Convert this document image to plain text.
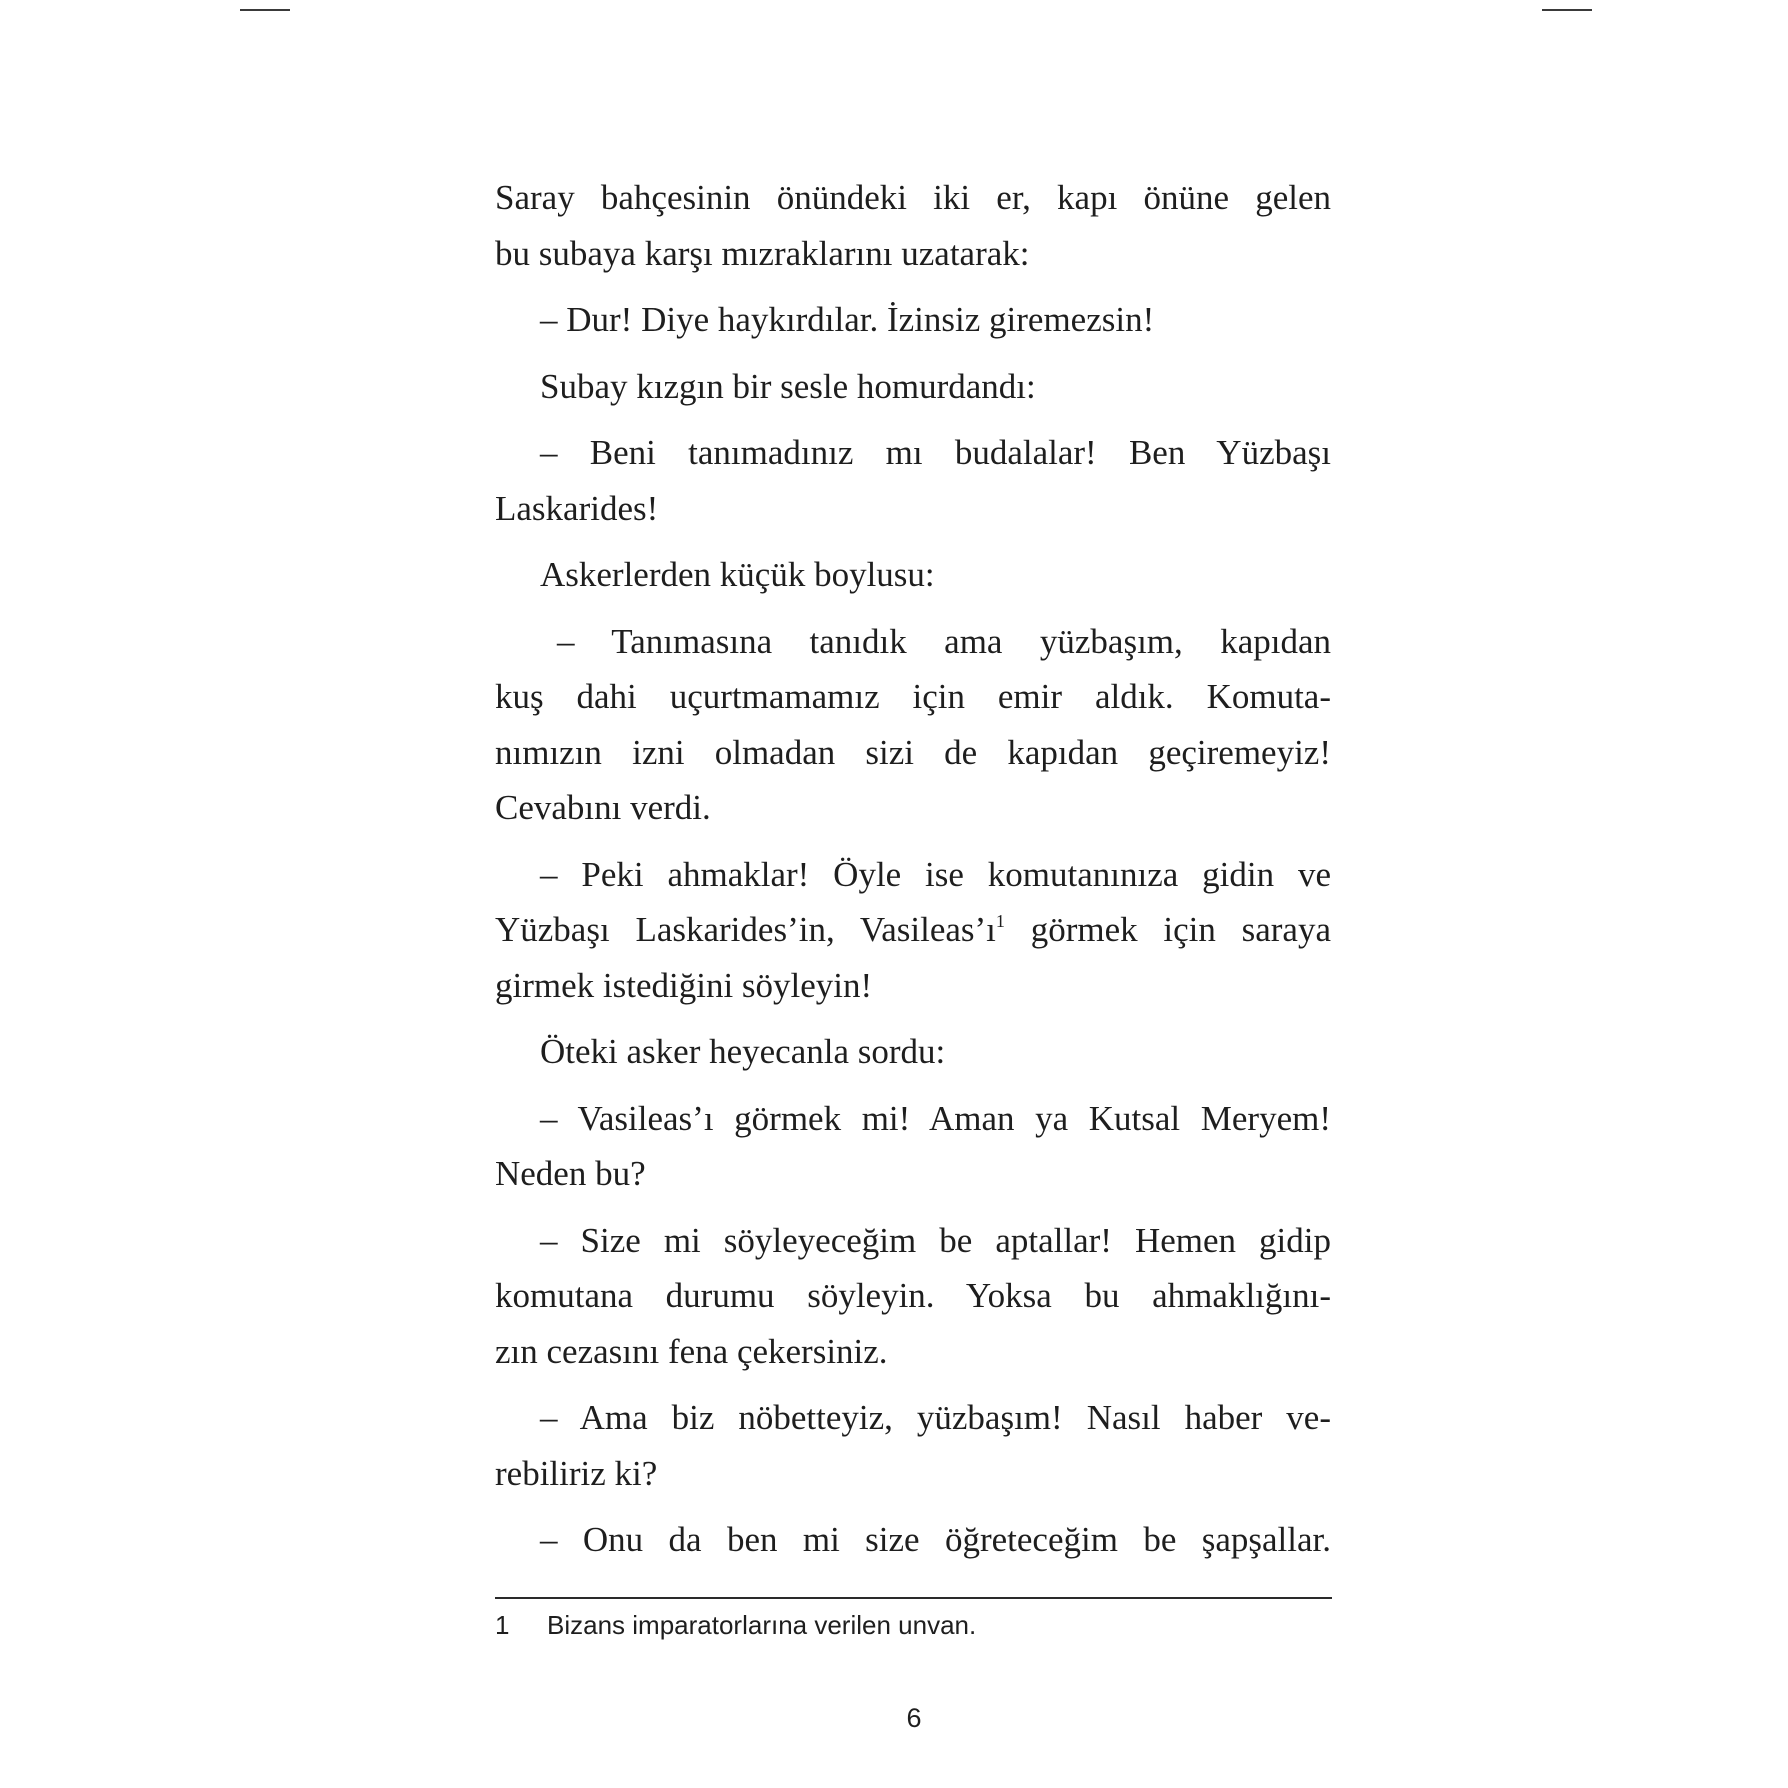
Saray bahçesinin önündeki iki er, kapı önüne gelen
bu subaya karşı mızraklarını uzatarak:

– Dur! Diye haykırdılar. İzinsiz giremezsin!

Subay kızgın bir sesle homurdandı:

– Beni tanımadınız mı budalalar! Ben Yüzbaşı
Laskarides!

Askerlerden küçük boylusu:

– Tanımasına tanıdık ama yüzbaşım, kapıdan
kuş dahi uçurtmamamız için emir aldık. Komuta-
nımızın izni olmadan sizi de kapıdan geçiremeyiz!
Cevabını verdi.

– Peki ahmaklar! Öyle ise komutanınıza gidin ve
Yüzbaşı Laskarides’in, $Vasileas’ı^1$ görmek için saraya
girmek istediğini söyleyin!

Öteki asker heyecanla sordu:

– Vasileas’ı görmek mi! Aman ya Kutsal Meryem!
Neden bu?

– Size mi söyleyeceğim be aptallar! Hemen gidip
komutana durumu söyleyin. Yoksa bu ahmaklığını-
zın cezasını fena çekersiniz.

– Ama biz nöbetteyiz, yüzbaşım! Nasıl haber ve-
rebiliriz ki?

– Onu da ben mi size öğreteceğim be şapşallar.

1 Bizans imparatorlarına verilen unvan.
6
